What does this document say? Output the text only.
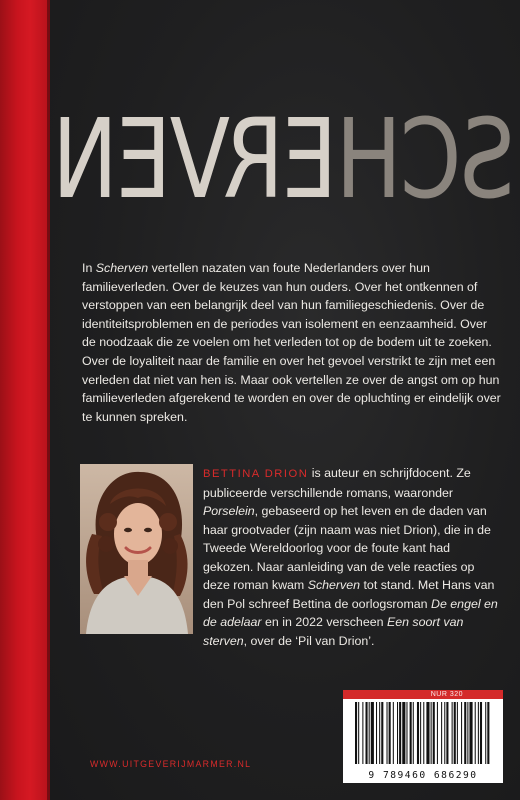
SCH
ERVEN

In Scherven vertellen nazaten van foute Nederlanders over hun familieverleden. Over de keuzes van hun ouders. Over het ontkennen of verstoppen van een belangrijk deel van hun familiegeschiedenis. Over de identiteitsproblemen en de periodes van isolement en eenzaamheid. Over de noodzaak die ze voelen om het verleden tot op de bodem uit te zoeken. Over de loyaliteit naar de familie en over het gevoel verstrikt te zijn met een verleden dat niet van hen is. Maar ook vertellen ze over de angst om op hun familieverleden afgerekend te worden en over de opluchting er eindelijk over te kunnen spreken.

BETTINA DRION is auteur en schrijfdocent. Ze publiceerde verschillende romans, waaronder Porselein, gebaseerd op het leven en de daden van haar grootvader (zijn naam was niet Drion), die in de Tweede Wereldoorlog voor de foute kant had gekozen. Naar aanleiding van de vele reacties op deze roman kwam Scherven tot stand. Met Hans van den Pol schreef Bettina de oorlogsroman De engel en de adelaar en in 2022 verscheen Een soort van sterven, over de ‘Pil van Drion’.

WWW.UITGEVERIJMARMER.NL
NUR 320
9 789460 686290
